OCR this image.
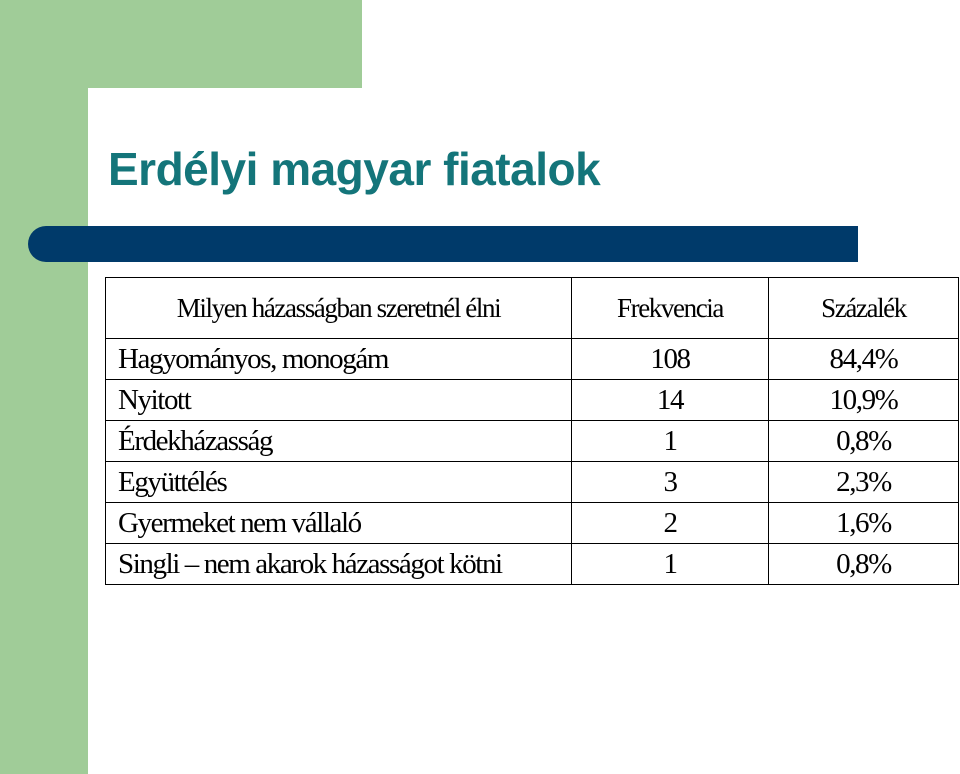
Erdélyi magyar fiatalok
Milyen házasságban szeretnél élni	Frekvencia	Százalék
Hagyományos, monogám	108	84,4%
Nyitott	14	10,9%
Érdekházasság	1	0,8%
Együttélés	3	2,3%
Gyermeket nem vállaló	2	1,6%
Singli – nem akarok házasságot kötni	1	0,8%
